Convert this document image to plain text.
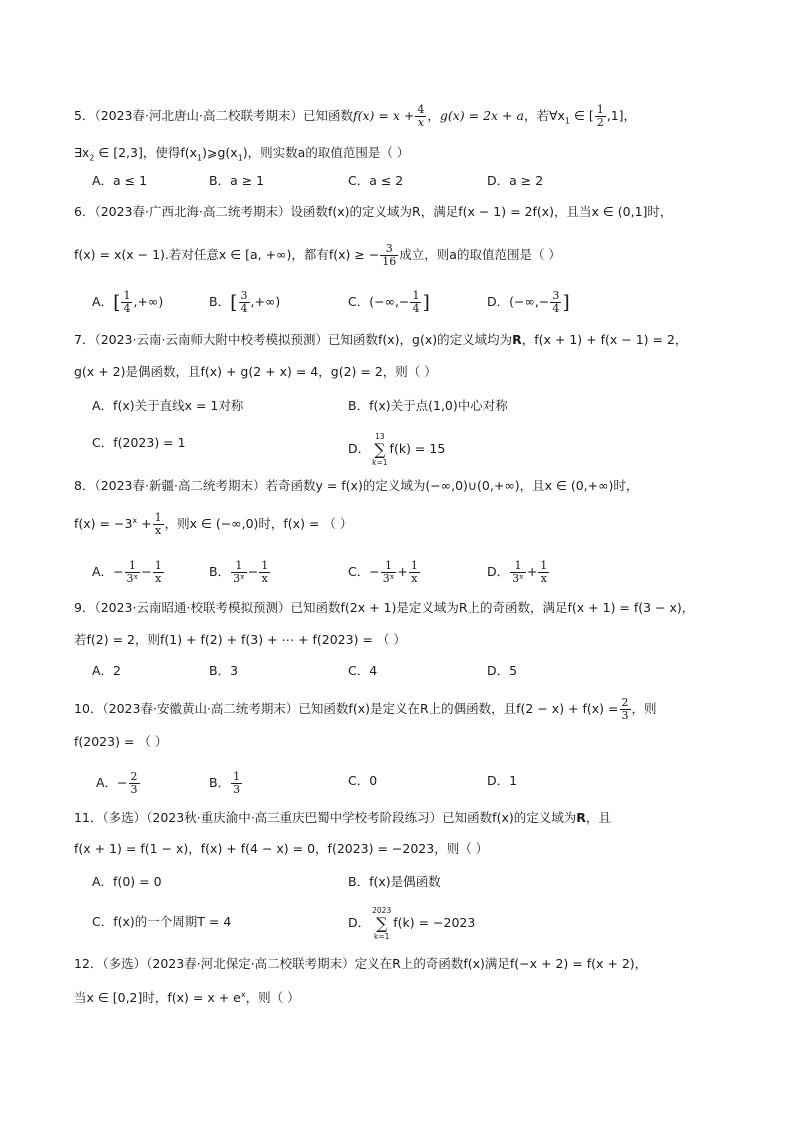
5．（2023春·河北唐山·高二校联考期末）已知函数$f(x) = x + \frac{4}{x}$ ，g(x) = 2x + a，若$\forall x_1$ ∈ [ $\frac{1}{2} ,1$]，
$\exists x_2$ ∈ [2,3]，使得$f(x_1)⩾g(x_1)$，则实数a的取值范围是（ ）
A．a ≤ 1	B．a ≥ 1	C．a ≤ 2	D．a ≥ 2
6．（2023春·广西北海·高二统考期末）设函数f(x)的定义域为R，满足f(x − 1) = 2f(x)，且当x ∈ (0,1]时，
f(x) = x(x − 1).若对任意x ∈ [a, +∞)，都有f(x) ≥ − $\frac{3}{16}$ 成立，则a的取值范围是（ ）
A．[ $\frac{1}{4}$ ,+∞)	B．[ $\frac{3}{4}$ ,+∞)	C．(−∞,− $\frac{1}{4}$ ]	D．(−∞,− $\frac{3}{4}$ ]
7．（2023·云南·云南师大附中校考模拟预测）已知函数f(x)，g(x)的定义域均为R，f(x + 1) + f(x − 1) = 2，
g(x + 2)是偶函数，且f(x) + g(2 + x) = 4，g(2) = 2，则（ ）
A．f(x)关于直线x = 1对称	B．f(x)关于点(1,0)中心对称
C．f(2023) = 1	D．
13
∑
k=1
f(k) = 15
8．（2023春·新疆·高二统考期末）若奇函数y = f(x)的定义域为(−∞,0)∪(0,+∞)，且x ∈ (0,+∞)时，
$f(x) = -3^x + \frac{1}{x}$ ，则x ∈ (−∞,0)时，f(x) = （ ）
A．− $\frac{1}{\text{3ˣ}} - \frac{1}{x}$	B． $\frac{1}{\text{3ˣ}} - \frac{1}{x}$	C．− $\frac{1}{\text{3ˣ}} + \frac{1}{x}$	D． $\frac{1}{\text{3ˣ}} + \frac{1}{x}$
9．（2023·云南昭通·校联考模拟预测）已知函数f(2x + 1)是定义域为R上的奇函数，满足f(x + 1) = f(3 − x)，
若f(2) = 2，则f(1) + f(2) + f(3) + ⋯ + f(2023) = （ ）
A．2	B．3	C．4	D．5
10．（2023春·安徽黄山·高二统考期末）已知函数f(x)是定义在R上的偶函数，且$f(2 - x) + f(x) = \frac{2}{3}$ ，则
f(2023) = （ ）
A．− $\frac{2}{3}$	B． $\frac{1}{3}$	C．0	D．1
11．（多选）（2023秋·重庆渝中·高三重庆巴蜀中学校考阶段练习）已知函数f(x)的定义域为R，且
f(x + 1) = f(1 − x)，f(x) + f(4 − x) = 0，f(2023) = −2023，则（ ）
A．f(0) = 0	B．f(x)是偶函数
C．f(x)的一个周期T = 4	D．
2023
∑
k=1
f(k) = −2023
12．（多选）（2023春·河北保定·高二校联考期末）定义在R上的奇函数f(x)满足f(−x + 2) = f(x + 2)，
当x ∈ [0,2]时，$f(x) = x + e^x$，则（ ）
